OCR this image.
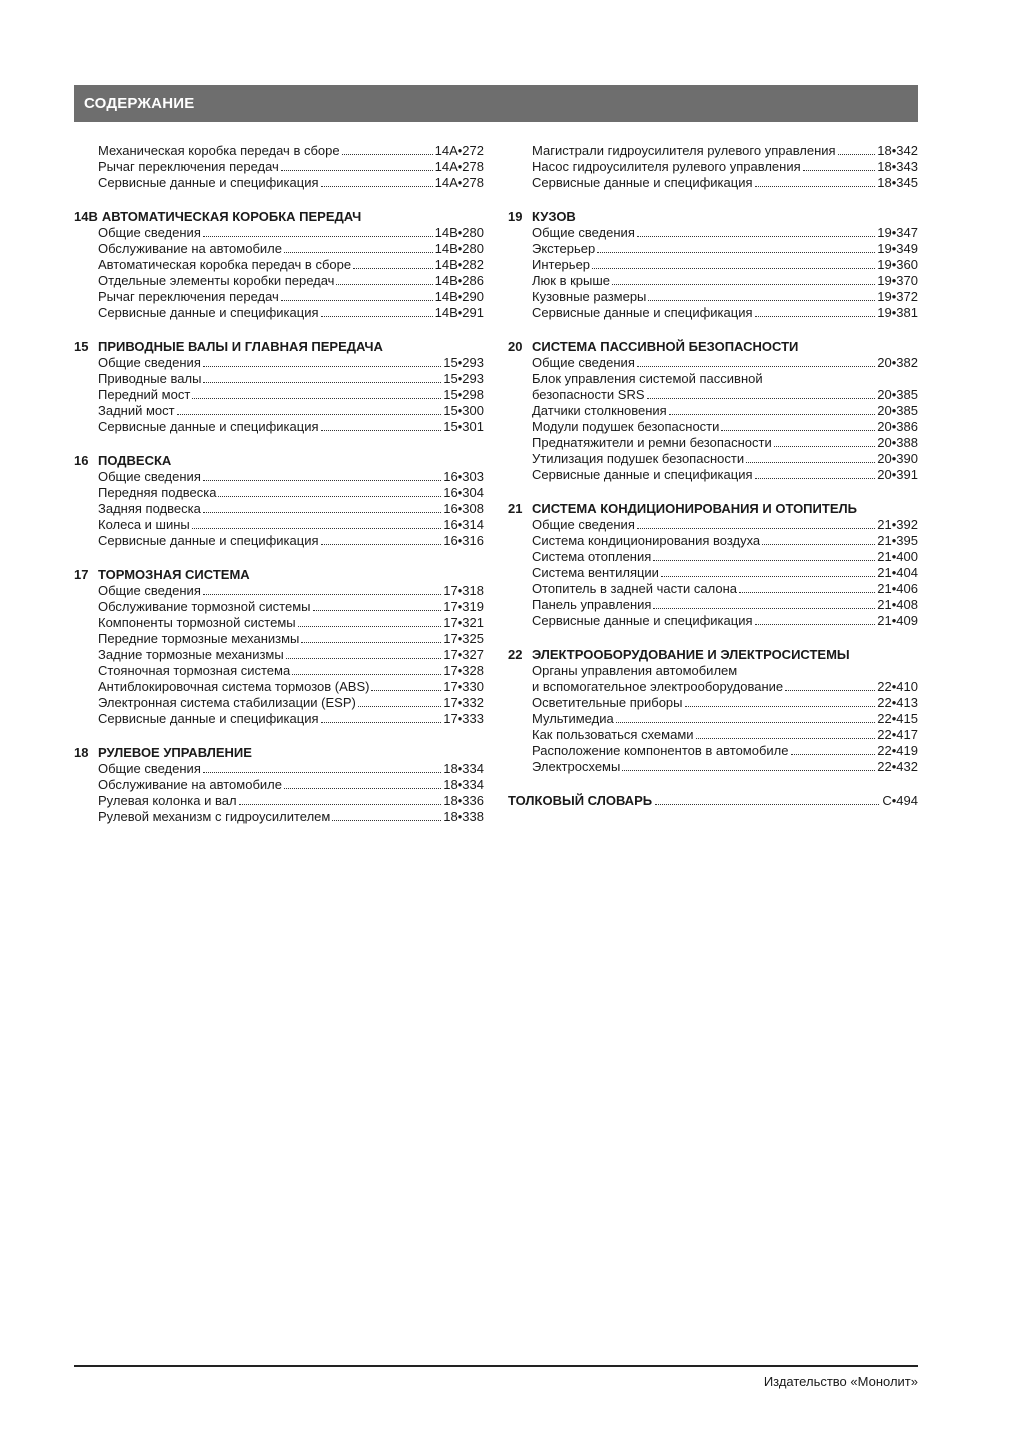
СОДЕРЖАНИЕ
Механическая коробка передач в сборе	14A•272
Рычаг переключения передач	14A•278
Сервисные данные и спецификация	14A•278
14B АВТОМАТИЧЕСКАЯ КОРОБКА ПЕРЕДАЧ
Общие сведения	14B•280
Обслуживание на автомобиле	14B•280
Автоматическая коробка передач в сборе	14B•282
Отдельные элементы коробки передач	14B•286
Рычаг переключения передач	14B•290
Сервисные данные и спецификация	14B•291
15 ПРИВОДНЫЕ ВАЛЫ И ГЛАВНАЯ ПЕРЕДАЧА
Общие сведения	15•293
Приводные валы	15•293
Передний мост	15•298
Задний мост	15•300
Сервисные данные и спецификация	15•301
16 ПОДВЕСКА
Общие сведения	16•303
Передняя подвеска	16•304
Задняя подвеска	16•308
Колеса и шины	16•314
Сервисные данные и спецификация	16•316
17 ТОРМОЗНАЯ СИСТЕМА
Общие сведения	17•318
Обслуживание тормозной системы	17•319
Компоненты тормозной системы	17•321
Передние тормозные механизмы	17•325
Задние тормозные механизмы	17•327
Стояночная тормозная система	17•328
Антиблокировочная система тормозов (ABS)	17•330
Электронная система стабилизации (ESP)	17•332
Сервисные данные и спецификация	17•333
18 РУЛЕВОЕ УПРАВЛЕНИЕ
Общие сведения	18•334
Обслуживание на автомобиле	18•334
Рулевая колонка и вал	18•336
Рулевой механизм с гидроусилителем	18•338
Магистрали гидроусилителя рулевого управления	18•342
Насос гидроусилителя рулевого управления	18•343
Сервисные данные и спецификация	18•345
19 КУЗОВ
Общие сведения	19•347
Экстерьер	19•349
Интерьер	19•360
Люк в крыше	19•370
Кузовные размеры	19•372
Сервисные данные и спецификация	19•381
20 СИСТЕМА ПАССИВНОЙ БЕЗОПАСНОСТИ
Общие сведения	20•382
Блок управления системой пассивной
безопасности SRS	20•385
Датчики столкновения	20•385
Модули подушек безопасности	20•386
Преднатяжители и ремни безопасности	20•388
Утилизация подушек безопасности	20•390
Сервисные данные и спецификация	20•391
21 СИСТЕМА КОНДИЦИОНИРОВАНИЯ И ОТОПИТЕЛЬ
Общие сведения	21•392
Система кондиционирования воздуха	21•395
Система отопления	21•400
Система вентиляции	21•404
Отопитель в задней части салона	21•406
Панель управления	21•408
Сервисные данные и спецификация	21•409
22 ЭЛЕКТРООБОРУДОВАНИЕ И ЭЛЕКТРОСИСТЕМЫ
Органы управления автомобилем
и вспомогательное электрооборудование	22•410
Осветительные приборы	22•413
Мультимедиа	22•415
Как пользоваться схемами	22•417
Расположение компонентов в автомобиле	22•419
Электросхемы	22•432
ТОЛКОВЫЙ СЛОВАРЬ	С•494
Издательство «Монолит»
